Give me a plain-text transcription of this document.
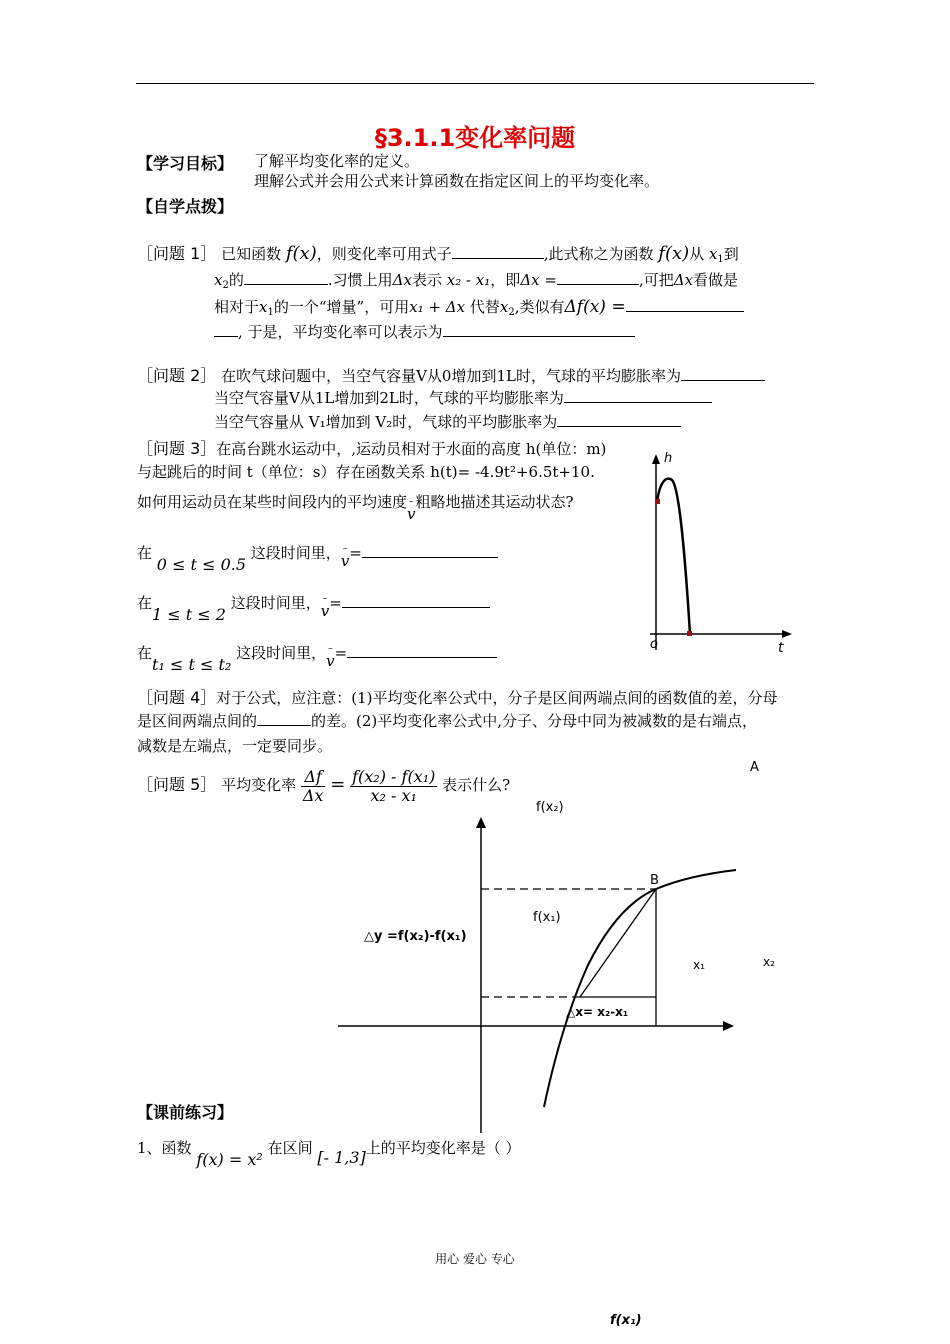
§3.1.1变化率问题
【学习目标】 了解平均变化率的定义。
理解公式并会用公式来计算函数在指定区间上的平均变化率。
【自学点拨】
［问题 1］ 已知函数 f(x)，则变化率可用式子	,此式称之为函数 f(x)从 $x_1$到
$x_2$的	.习惯上用Δx表示 x₂ - x₁，即Δx =	,可把Δx看做是
相对于$x_1$的一个“增量”，可用x₁ + Δx 代替$x_2$,类似有Δf(x) =
, 于是，平均变化率可以表示为
［问题 2］ 在吹气球问题中，当空气容量V从0增加到1L时，气球的平均膨胀率为
当空气容量V从1L增加到2L时，气球的平均膨胀率为
当空气容量从 V₁增加到 V₂时，气球的平均膨胀率为
［问题 3］在高台跳水运动中，,运动员相对于水面的高度 h(单位：m)
与起跳后的时间 t（单位：s）存在函数关系 h(t)= -4.9t²+6.5t+10.
如何用运动员在某些时间段内的平均速度 –
v粗略地描述其运动状态?
在 0 ≤ t ≤ 0.5 这段时间里， –
v=
在1 ≤ t ≤ 2 这段时间里， –
v=
在t₁ ≤ t ≤ t₂ 这段时间里， –
v=
h
o	t
［问题 4］对于公式，应注意：(1)平均变化率公式中，分子是区间两端点间的函数值的差，分母
是区间两端点间的	的差。(2)平均变化率公式中,分子、分母中同为被减数的是右端点，
减数是左端点，一定要同步。
［问题 5］ 平均变化率 $\frac{\Delta f}{\Delta x} = \frac{\text{f(x₂) - f(x₁)}}{\text{x₂ - x₁}}$ 表示什么?
A
f(x₂)
B
f(x₁)
△y =f(x₂)-f(x₁)
x₁
△x= x₂-x₁
x₂
【课前练习】
1、函数 f(x) = x² 在区间 [- 1,3]上的平均变化率是（ ）
用心 爱心 专心
f(x₁)
